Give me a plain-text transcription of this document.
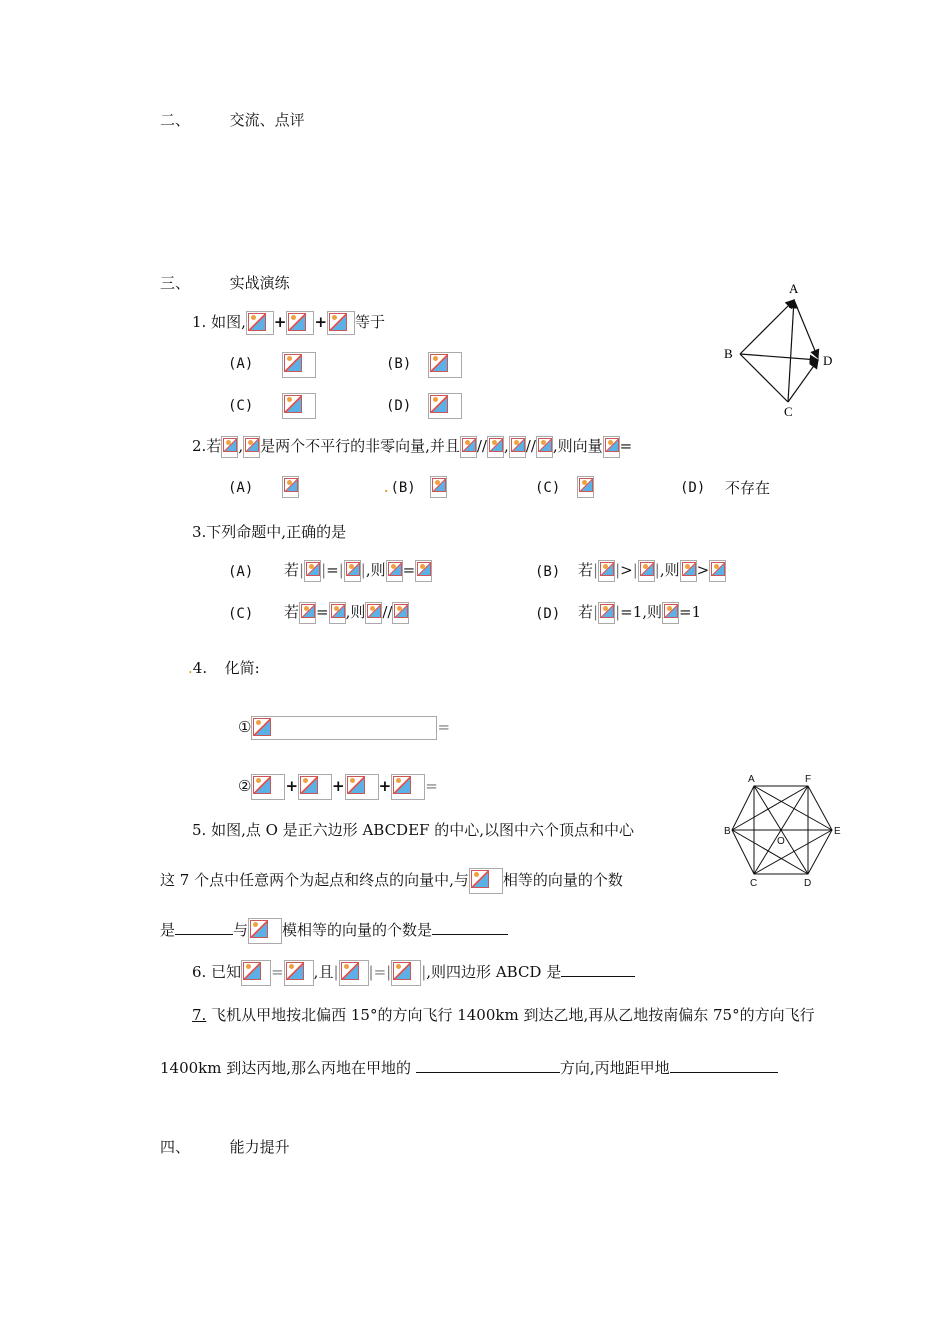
二、	交流、点评
三、	实战演练
1. 如图, + + 等于
(A)	(B)
(C)	(D)
A
B	D
C
2.若 , 是两个不平行的非零向量,并且 // , // ,则向量 =
(A)	.(B)	(C)	(D) 不存在
3.下列命题中,正确的是
(A) 若| |=| |,则 =	(B) 若| |>| |,则 >
(C) 若 = ,则 //	(D) 若| |=1,则 =1
.4. 化简:
①	=
② + + + =	A	F
B	E
O
C	D
5. 如图,点 O 是正六边形 ABCDEF 的中心,以图中六个顶点和中心
这 7 个点中任意两个为起点和终点的向量中,与 相等的向量的个数
是	与 模相等的向量的个数是
6. 已知 = ,且| |=| |,则四边形 ABCD 是
7. 飞机从甲地按北偏西 15°的方向飞行 1400km 到达乙地,再从乙地按南偏东 75°的方向飞行
1400km 到达丙地,那么丙地在甲地的	方向,丙地距甲地
四、	能力提升
